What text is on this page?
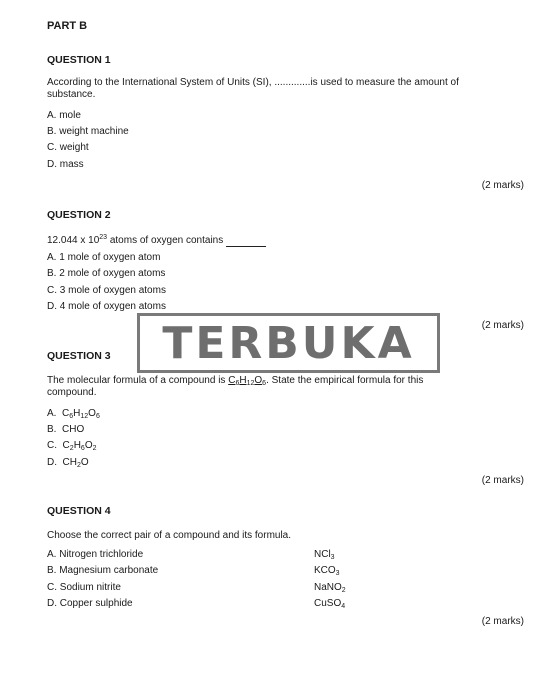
PART B
QUESTION 1
According to the International System of Units (SI), .............is used to measure the amount of
substance.
A. mole
B. weight machine
C. weight
D. mass
(2 marks)
QUESTION 2
12.044 x $10^{23}$ atoms of oxygen contains
A. 1 mole of oxygen atom
B. 2 mole of oxygen atoms
C. 3 mole of oxygen atoms
D. 4 mole of oxygen atoms
(2 marks)
TERBUKA
QUESTION 3
The molecular formula of a compound is $C_6H_{12}O_6$. State the empirical formula for this
compound.
A.  $C_6H_{12}O_6$
B. CHO
C.  $C_2H_6O_2$
D.  $CH_2O$
(2 marks)
QUESTION 4
Choose the correct pair of a compound and its formula.
A. Nitrogen trichloride	NCl$_3$
B. Magnesium carbonate	$KCO_3$
C. Sodium nitrite	NaNO$_2$
D. Copper sulphide	CuSO$_4$
(2 marks)
